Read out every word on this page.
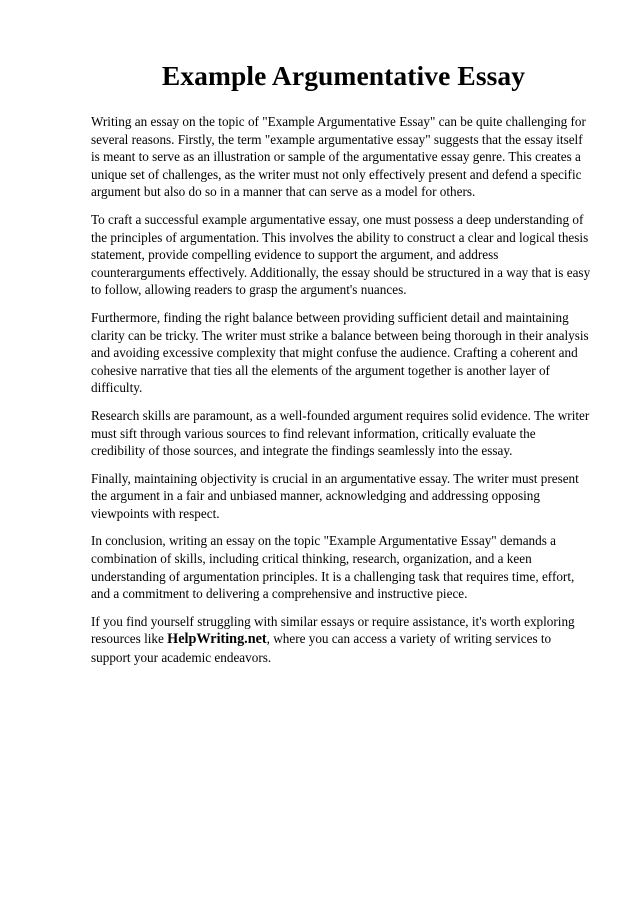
Example Argumentative Essay

Writing an essay on the topic of "Example Argumentative Essay" can be quite challenging for several reasons. Firstly, the term "example argumentative essay" suggests that the essay itself is meant to serve as an illustration or sample of the argumentative essay genre. This creates a unique set of challenges, as the writer must not only effectively present and defend a specific argument but also do so in a manner that can serve as a model for others.

To craft a successful example argumentative essay, one must possess a deep understanding of the principles of argumentation. This involves the ability to construct a clear and logical thesis statement, provide compelling evidence to support the argument, and address counterarguments effectively. Additionally, the essay should be structured in a way that is easy to follow, allowing readers to grasp the argument's nuances.

Furthermore, finding the right balance between providing sufficient detail and maintaining clarity can be tricky. The writer must strike a balance between being thorough in their analysis and avoiding excessive complexity that might confuse the audience. Crafting a coherent and cohesive narrative that ties all the elements of the argument together is another layer of difficulty.

Research skills are paramount, as a well-founded argument requires solid evidence. The writer must sift through various sources to find relevant information, critically evaluate the credibility of those sources, and integrate the findings seamlessly into the essay.

Finally, maintaining objectivity is crucial in an argumentative essay. The writer must present the argument in a fair and unbiased manner, acknowledging and addressing opposing viewpoints with respect.

In conclusion, writing an essay on the topic "Example Argumentative Essay" demands a combination of skills, including critical thinking, research, organization, and a keen understanding of argumentation principles. It is a challenging task that requires time, effort, and a commitment to delivering a comprehensive and instructive piece.

If you find yourself struggling with similar essays or require assistance, it's worth exploring resources like HelpWriting.net, where you can access a variety of writing services to support your academic endeavors.
